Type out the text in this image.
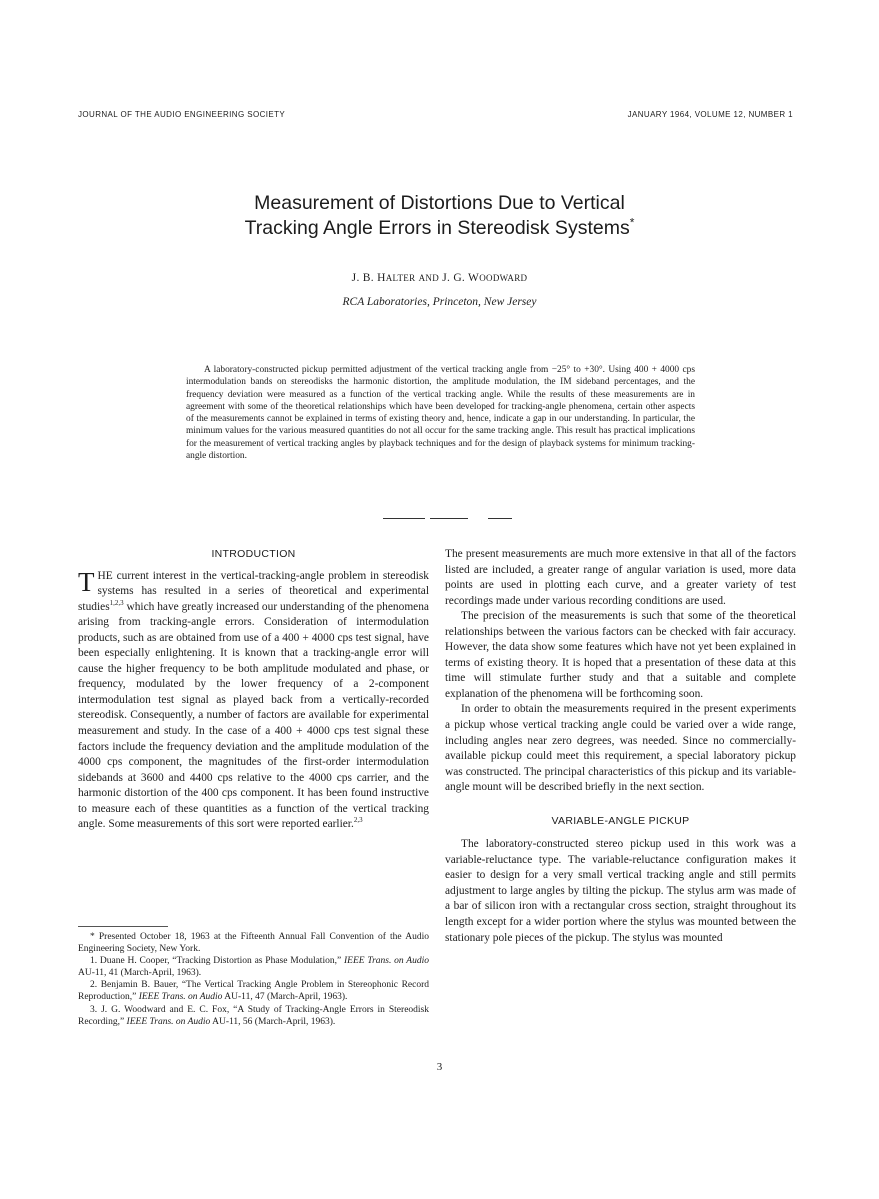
JOURNAL OF THE AUDIO ENGINEERING SOCIETY	JANUARY 1964, VOLUME 12, NUMBER 1
Measurement of Distortions Due to Vertical
Tracking Angle Errors in Stereodisk Systems*
J. B. HALTER AND J. G. WOODWARD
RCA Laboratories, Princeton, New Jersey

A laboratory-constructed pickup permitted adjustment of the vertical tracking angle from −25° to +30°. Using 400 + 4000 cps intermodulation bands on stereodisks the harmonic distortion, the amplitude modulation, the IM sideband percentages, and the frequency deviation were measured as a function of the vertical tracking angle. While the results of these measurements are in agreement with some of the theoretical relationships which have been developed for tracking-angle phenomena, certain other aspects of the measurements cannot be explained in terms of existing theory and, hence, indicate a gap in our understanding. In particular, the minimum values for the various measured quantities do not all occur for the same tracking angle. This result has practical implications for the measurement of vertical tracking angles by playback techniques and for the design of playback systems for minimum tracking-angle distortion.

INTRODUCTION

THE current interest in the vertical-tracking-angle problem in stereodisk systems has resulted in a series of theoretical and experimental studies$^{1,2,3}$ which have greatly increased our understanding of the phenomena arising from tracking-angle errors. Consideration of intermodulation products, such as are obtained from use of a 400 + 4000 cps test signal, have been especially enlightening. It is known that a tracking-angle error will cause the higher frequency to be both amplitude modulated and phase, or frequency, modulated by the lower frequency of a 2-component intermodulation test signal as played back from a vertically-recorded stereodisk. Consequently, a number of factors are available for experimental measurement and study. In the case of a 400 + 4000 cps test signal these factors include the frequency deviation and the amplitude modulation of the 4000 cps component, the magnitudes of the first-order intermodulation sidebands at 3600 and 4400 cps relative to the 4000 cps carrier, and the harmonic distortion of the 400 cps component. It has been found instructive to measure each of these quantities as a function of the vertical tracking angle. Some measurements of this sort were reported earlier.$^{2,3}$

The present measurements are much more extensive in that all of the factors listed are included, a greater range of angular variation is used, more data points are used in plotting each curve, and a greater variety of test recordings made under various recording conditions are used.

The precision of the measurements is such that some of the theoretical relationships between the various factors can be checked with fair accuracy. However, the data show some features which have not yet been explained in terms of existing theory. It is hoped that a presentation of these data at this time will stimulate further study and that a suitable and complete explanation of the phenomena will be forthcoming soon.

In order to obtain the measurements required in the present experiments a pickup whose vertical tracking angle could be varied over a wide range, including angles near zero degrees, was needed. Since no commercially-available pickup could meet this requirement, a special laboratory pickup was constructed. The principal characteristics of this pickup and its variable-angle mount will be described briefly in the next section.

VARIABLE-ANGLE PICKUP

The laboratory-constructed stereo pickup used in this work was a variable-reluctance type. The variable-reluctance configuration makes it easier to design for a very small vertical tracking angle and still permits adjustment to large angles by tilting the pickup. The stylus arm was made of a bar of silicon iron with a rectangular cross section, straight throughout its length except for a wider portion where the stylus was mounted between the stationary pole pieces of the pickup. The stylus was mounted

* Presented October 18, 1963 at the Fifteenth Annual Fall Convention of the Audio Engineering Society, New York.

1. Duane H. Cooper, “Tracking Distortion as Phase Modulation,” IEEE Trans. on Audio AU-11, 41 (March-April, 1963).

2. Benjamin B. Bauer, “The Vertical Tracking Angle Problem in Stereophonic Record Reproduction,” IEEE Trans. on Audio AU-11, 47 (March-April, 1963).

3. J. G. Woodward and E. C. Fox, “A Study of Tracking-Angle Errors in Stereodisk Recording,” IEEE Trans. on Audio AU-11, 56 (March-April, 1963).

3
